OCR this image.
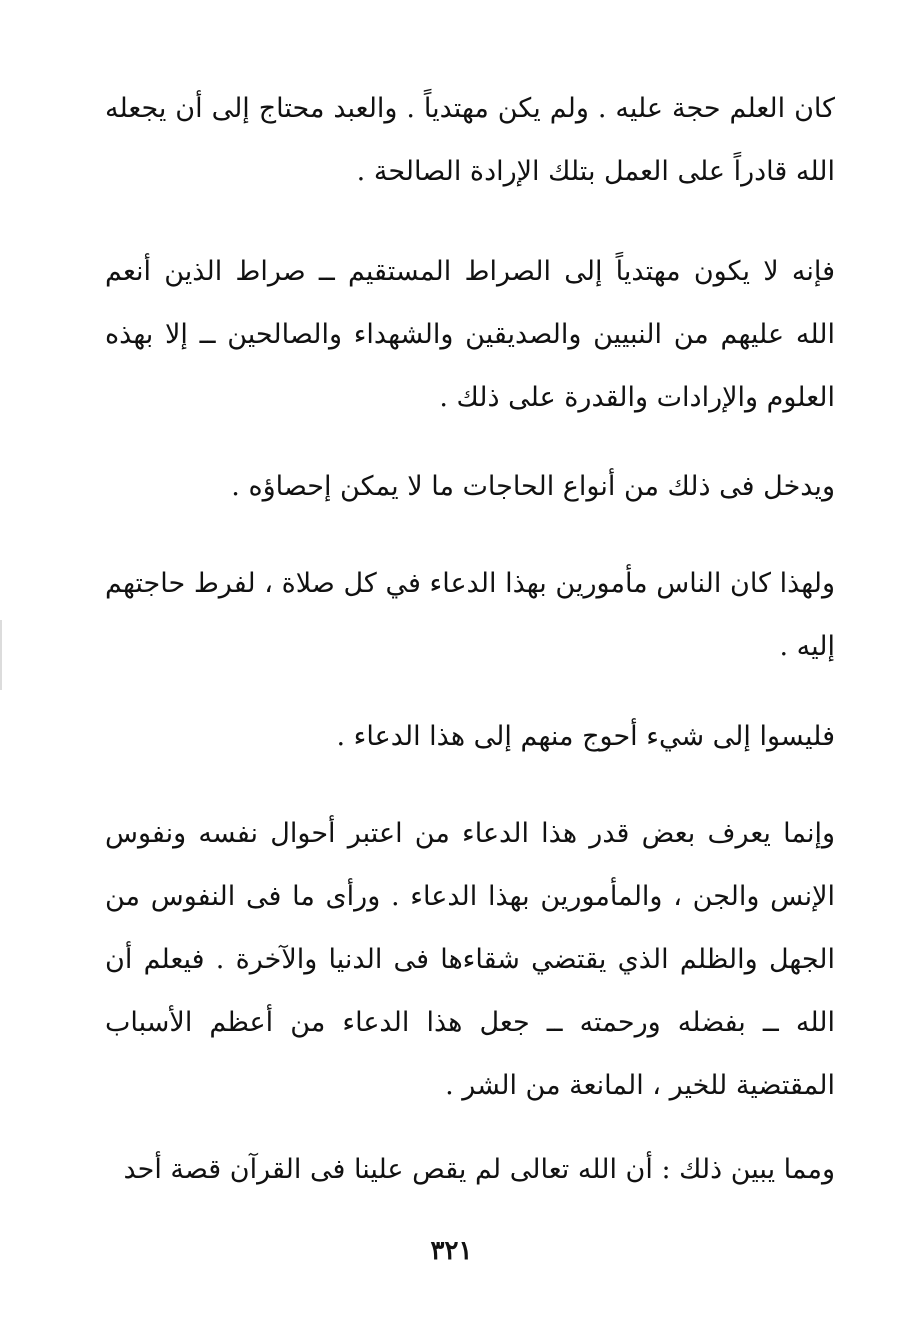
كان العلم حجة عليه . ولم يكن مهتدياً . والعبد محتاج إلى أن يجعله الله قادراً على العمل بتلك الإرادة الصالحة .

فإنه لا يكون مهتدياً إلى الصراط المستقيم ــ صراط الذين أنعم الله عليهم من النبيين والصديقين والشهداء والصالحين ــ إلا بهذه العلوم والإرادات والقدرة على ذلك .

ويدخل فى ذلك من أنواع الحاجات ما لا يمكن إحصاؤه .

ولهذا كان الناس مأمورين بهذا الدعاء في كل صلاة ، لفرط حاجتهم إليه .

فليسوا إلى شيء أحوج منهم إلى هذا الدعاء .

وإنما يعرف بعض قدر هذا الدعاء من اعتبر أحوال نفسه ونفوس الإنس والجن ، والمأمورين بهذا الدعاء . ورأى ما فى النفوس من الجهل والظلم الذي يقتضي شقاءها فى الدنيا والآخرة . فيعلم أن الله ــ بفضله ورحمته ــ جعل هذا الدعاء من أعظم الأسباب المقتضية للخير ، المانعة من الشر .

ومما يبين ذلك : أن الله تعالى لم يقص علينا فى القرآن قصة أحد

٣٢١
